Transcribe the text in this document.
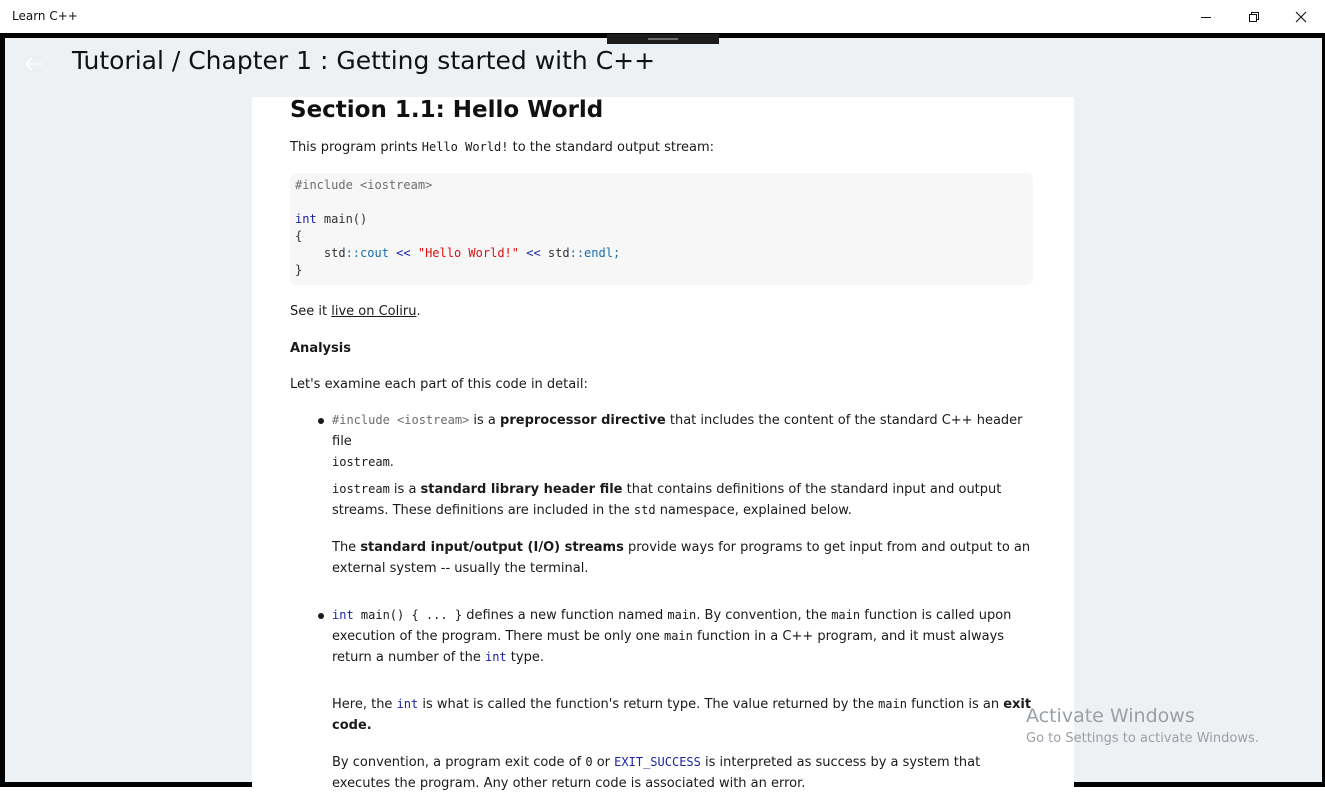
Learn C++
Tutorial / Chapter 1 : Getting started with C++
Section 1.1: Hello World

This program prints Hello World! to the standard output stream:

#include <iostream>
int main()
{
std::cout << "Hello World!" << std::endl;
}

See it live on Coliru.

Analysis

Let's examine each part of this code in detail:

#include <iostream> is a preprocessor directive that includes the content of the standard C++ header file
iostream.

iostream is a standard library header file that contains definitions of the standard input and output streams. These definitions are included in the std namespace, explained below.

The standard input/output (I/O) streams provide ways for programs to get input from and output to an external system -- usually the terminal.

int main() { ... } defines a new function named main. By convention, the main function is called upon execution of the program. There must be only one main function in a C++ program, and it must always return a number of the int type.

Here, the int is what is called the function's return type. The value returned by the main function is an exit code.

By convention, a program exit code of 0 or EXIT_SUCCESS is interpreted as success by a system that executes the program. Any other return code is associated with an error.

Activate Windows
Go to Settings to activate Windows.
